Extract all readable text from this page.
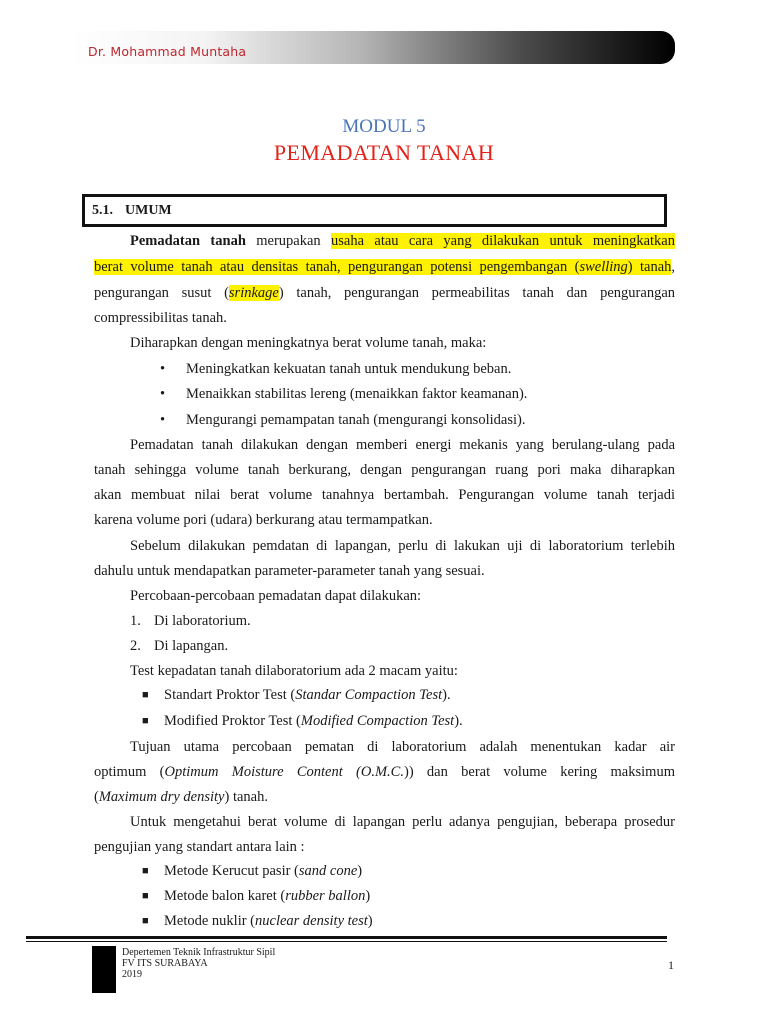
Dr. Mohammad Muntaha
MODUL 5
PEMADATAN TANAH
5.1. UMUM
Pemadatan tanah merupakan usaha atau cara yang dilakukan untuk meningkatkan
berat volume tanah atau densitas tanah, pengurangan potensi pengembangan (swelling) tanah,
pengurangan susut (srinkage) tanah, pengurangan permeabilitas tanah dan pengurangan
compressibilitas tanah.
Diharapkan dengan meningkatnya berat volume tanah, maka:
• Meningkatkan kekuatan tanah untuk mendukung beban.
• Menaikkan stabilitas lereng (menaikkan faktor keamanan).
• Mengurangi pemampatan tanah (mengurangi konsolidasi).
Pemadatan tanah dilakukan dengan memberi energi mekanis yang berulang-ulang pada
tanah sehingga volume tanah berkurang, dengan pengurangan ruang pori maka diharapkan
akan membuat nilai berat volume tanahnya bertambah. Pengurangan volume tanah terjadi
karena volume pori (udara) berkurang atau termampatkan.
Sebelum dilakukan pemdatan di lapangan, perlu di lakukan uji di laboratorium terlebih
dahulu untuk mendapatkan parameter-parameter tanah yang sesuai.
Percobaan-percobaan pemadatan dapat dilakukan:
1. Di laboratorium.
2. Di lapangan.
Test kepadatan tanah dilaboratorium ada 2 macam yaitu:
■ Standart Proktor Test (Standar Compaction Test).
■ Modified Proktor Test (Modified Compaction Test).
Tujuan utama percobaan pematan di laboratorium adalah menentukan kadar air
optimum (Optimum Moisture Content (O.M.C.)) dan berat volume kering maksimum
(Maximum dry density) tanah.
Untuk mengetahui berat volume di lapangan perlu adanya pengujian, beberapa prosedur
pengujian yang standart antara lain :
■ Metode Kerucut pasir (sand cone)
■ Metode balon karet (rubber ballon)
■ Metode nuklir (nuclear density test)
Depertemen Teknik Infrastruktur Sipil
FV ITS SURABAYA
2019
1
